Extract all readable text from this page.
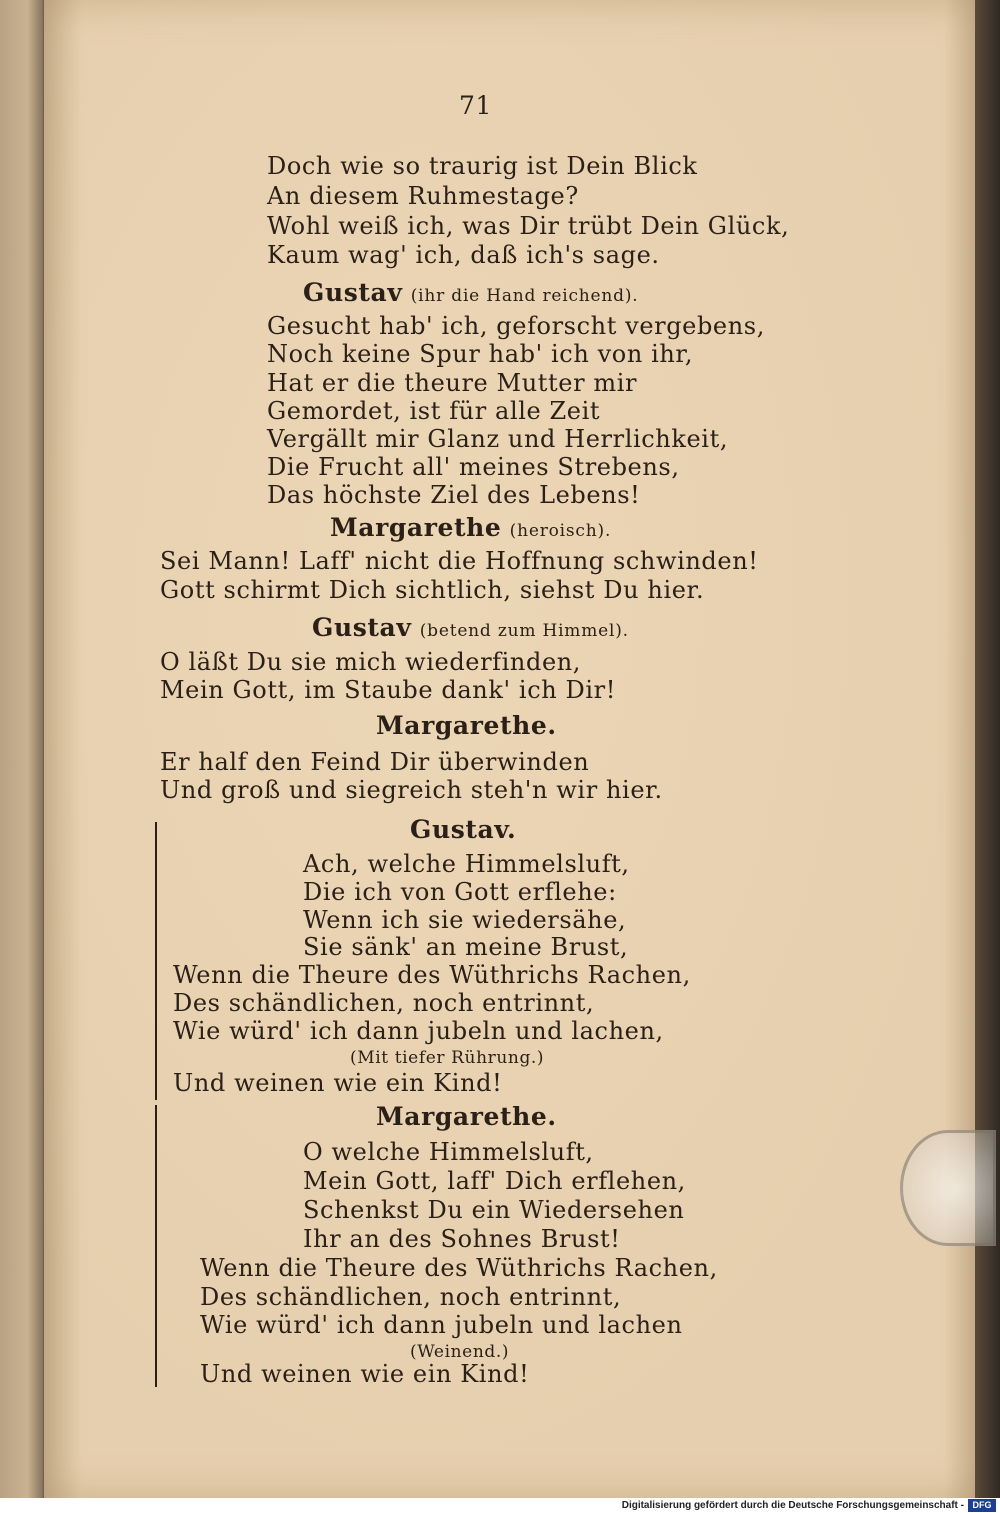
71
Doch wie so traurig ist Dein Blick
An diesem Ruhmestage?
Wohl weiß ich, was Dir trübt Dein Glück,
Kaum wag' ich, daß ich's sage.
Gustav (ihr die Hand reichend).
Gesucht hab' ich, geforscht vergebens,
Noch keine Spur hab' ich von ihr,
Hat er die theure Mutter mir
Gemordet, ist für alle Zeit
Vergällt mir Glanz und Herrlichkeit,
Die Frucht all' meines Strebens,
Das höchste Ziel des Lebens!
Margarethe (heroisch).
Sei Mann! Laff' nicht die Hoffnung schwinden!
Gott schirmt Dich sichtlich, siehst Du hier.
Gustav (betend zum Himmel).
O läßt Du sie mich wiederfinden,
Mein Gott, im Staube dank' ich Dir!
Margarethe.
Er half den Feind Dir überwinden
Und groß und siegreich steh'n wir hier.
Gustav.
Ach, welche Himmelsluft,
Die ich von Gott erflehe:
Wenn ich sie wiedersähe,
Sie sänk' an meine Brust,
Wenn die Theure des Wüthrichs Rachen,
Des schändlichen, noch entrinnt,
Wie würd' ich dann jubeln und lachen,
(Mit tiefer Rührung.)
Und weinen wie ein Kind!
Margarethe.
O welche Himmelsluft,
Mein Gott, laff' Dich erflehen,
Schenkst Du ein Wiedersehen
Ihr an des Sohnes Brust!
Wenn die Theure des Wüthrichs Rachen,
Des schändlichen, noch entrinnt,
Wie würd' ich dann jubeln und lachen
(Weinend.)
Und weinen wie ein Kind!
Digitalisierung gefördert durch die Deutsche Forschungsgemeinschaft - DFG
